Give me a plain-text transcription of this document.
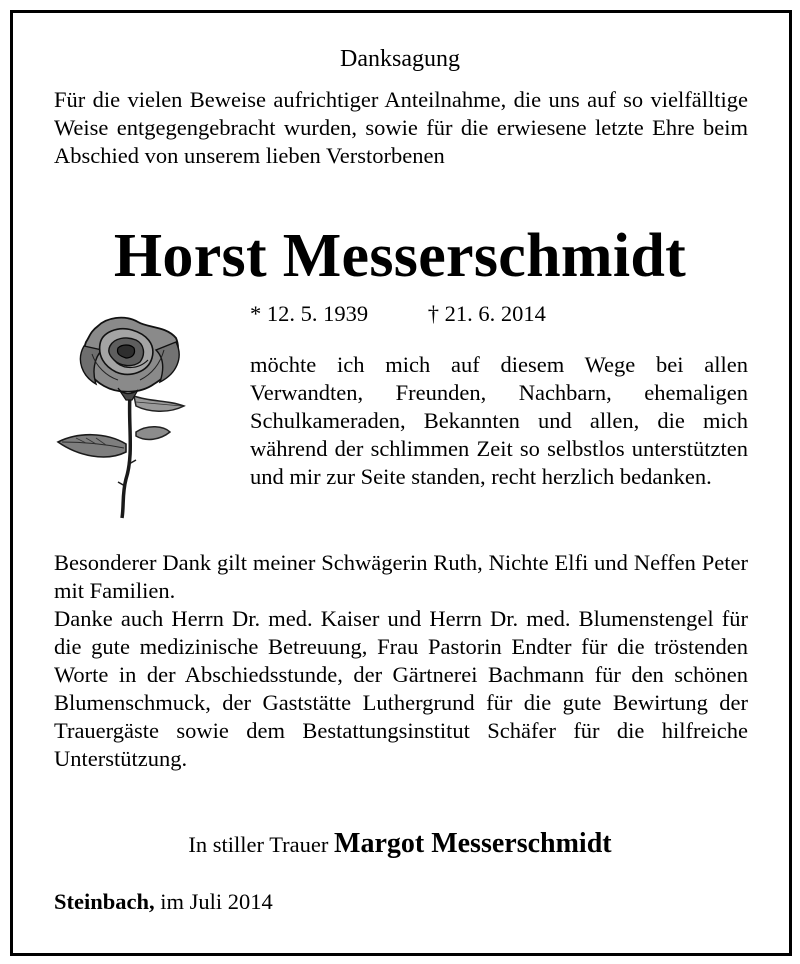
Danksagung
Für die vielen Beweise aufrichtiger Anteilnahme, die uns auf so vielfälltige Weise entgegengebracht wurden, sowie für die erwiesene letzte Ehre beim Abschied von unserem lieben Verstorbenen
Horst Messerschmidt
* 12. 5. 1939	† 21. 6. 2014
möchte ich mich auf diesem Wege bei allen Verwandten, Freunden, Nachbarn, ehemaligen Schulkameraden, Bekannten und allen, die mich während der schlimmen Zeit so selbstlos unterstützten und mir zur Seite standen, recht herzlich bedanken.

Besonderer Dank gilt meiner Schwägerin Ruth, Nichte Elfi und Neffen Peter mit Familien.

Danke auch Herrn Dr. med. Kaiser und Herrn Dr. med. Blumenstengel für die gute medizinische Betreuung, Frau Pastorin Endter für die tröstenden Worte in der Abschiedsstunde, der Gärtnerei Bachmann für den schönen Blumenschmuck, der Gaststätte Luthergrund für die gute Bewirtung der Trauergäste sowie dem Bestattungsinstitut Schäfer für die hilfreiche Unterstützung.

In stiller Trauer Margot Messerschmidt
Steinbach, im Juli 2014
